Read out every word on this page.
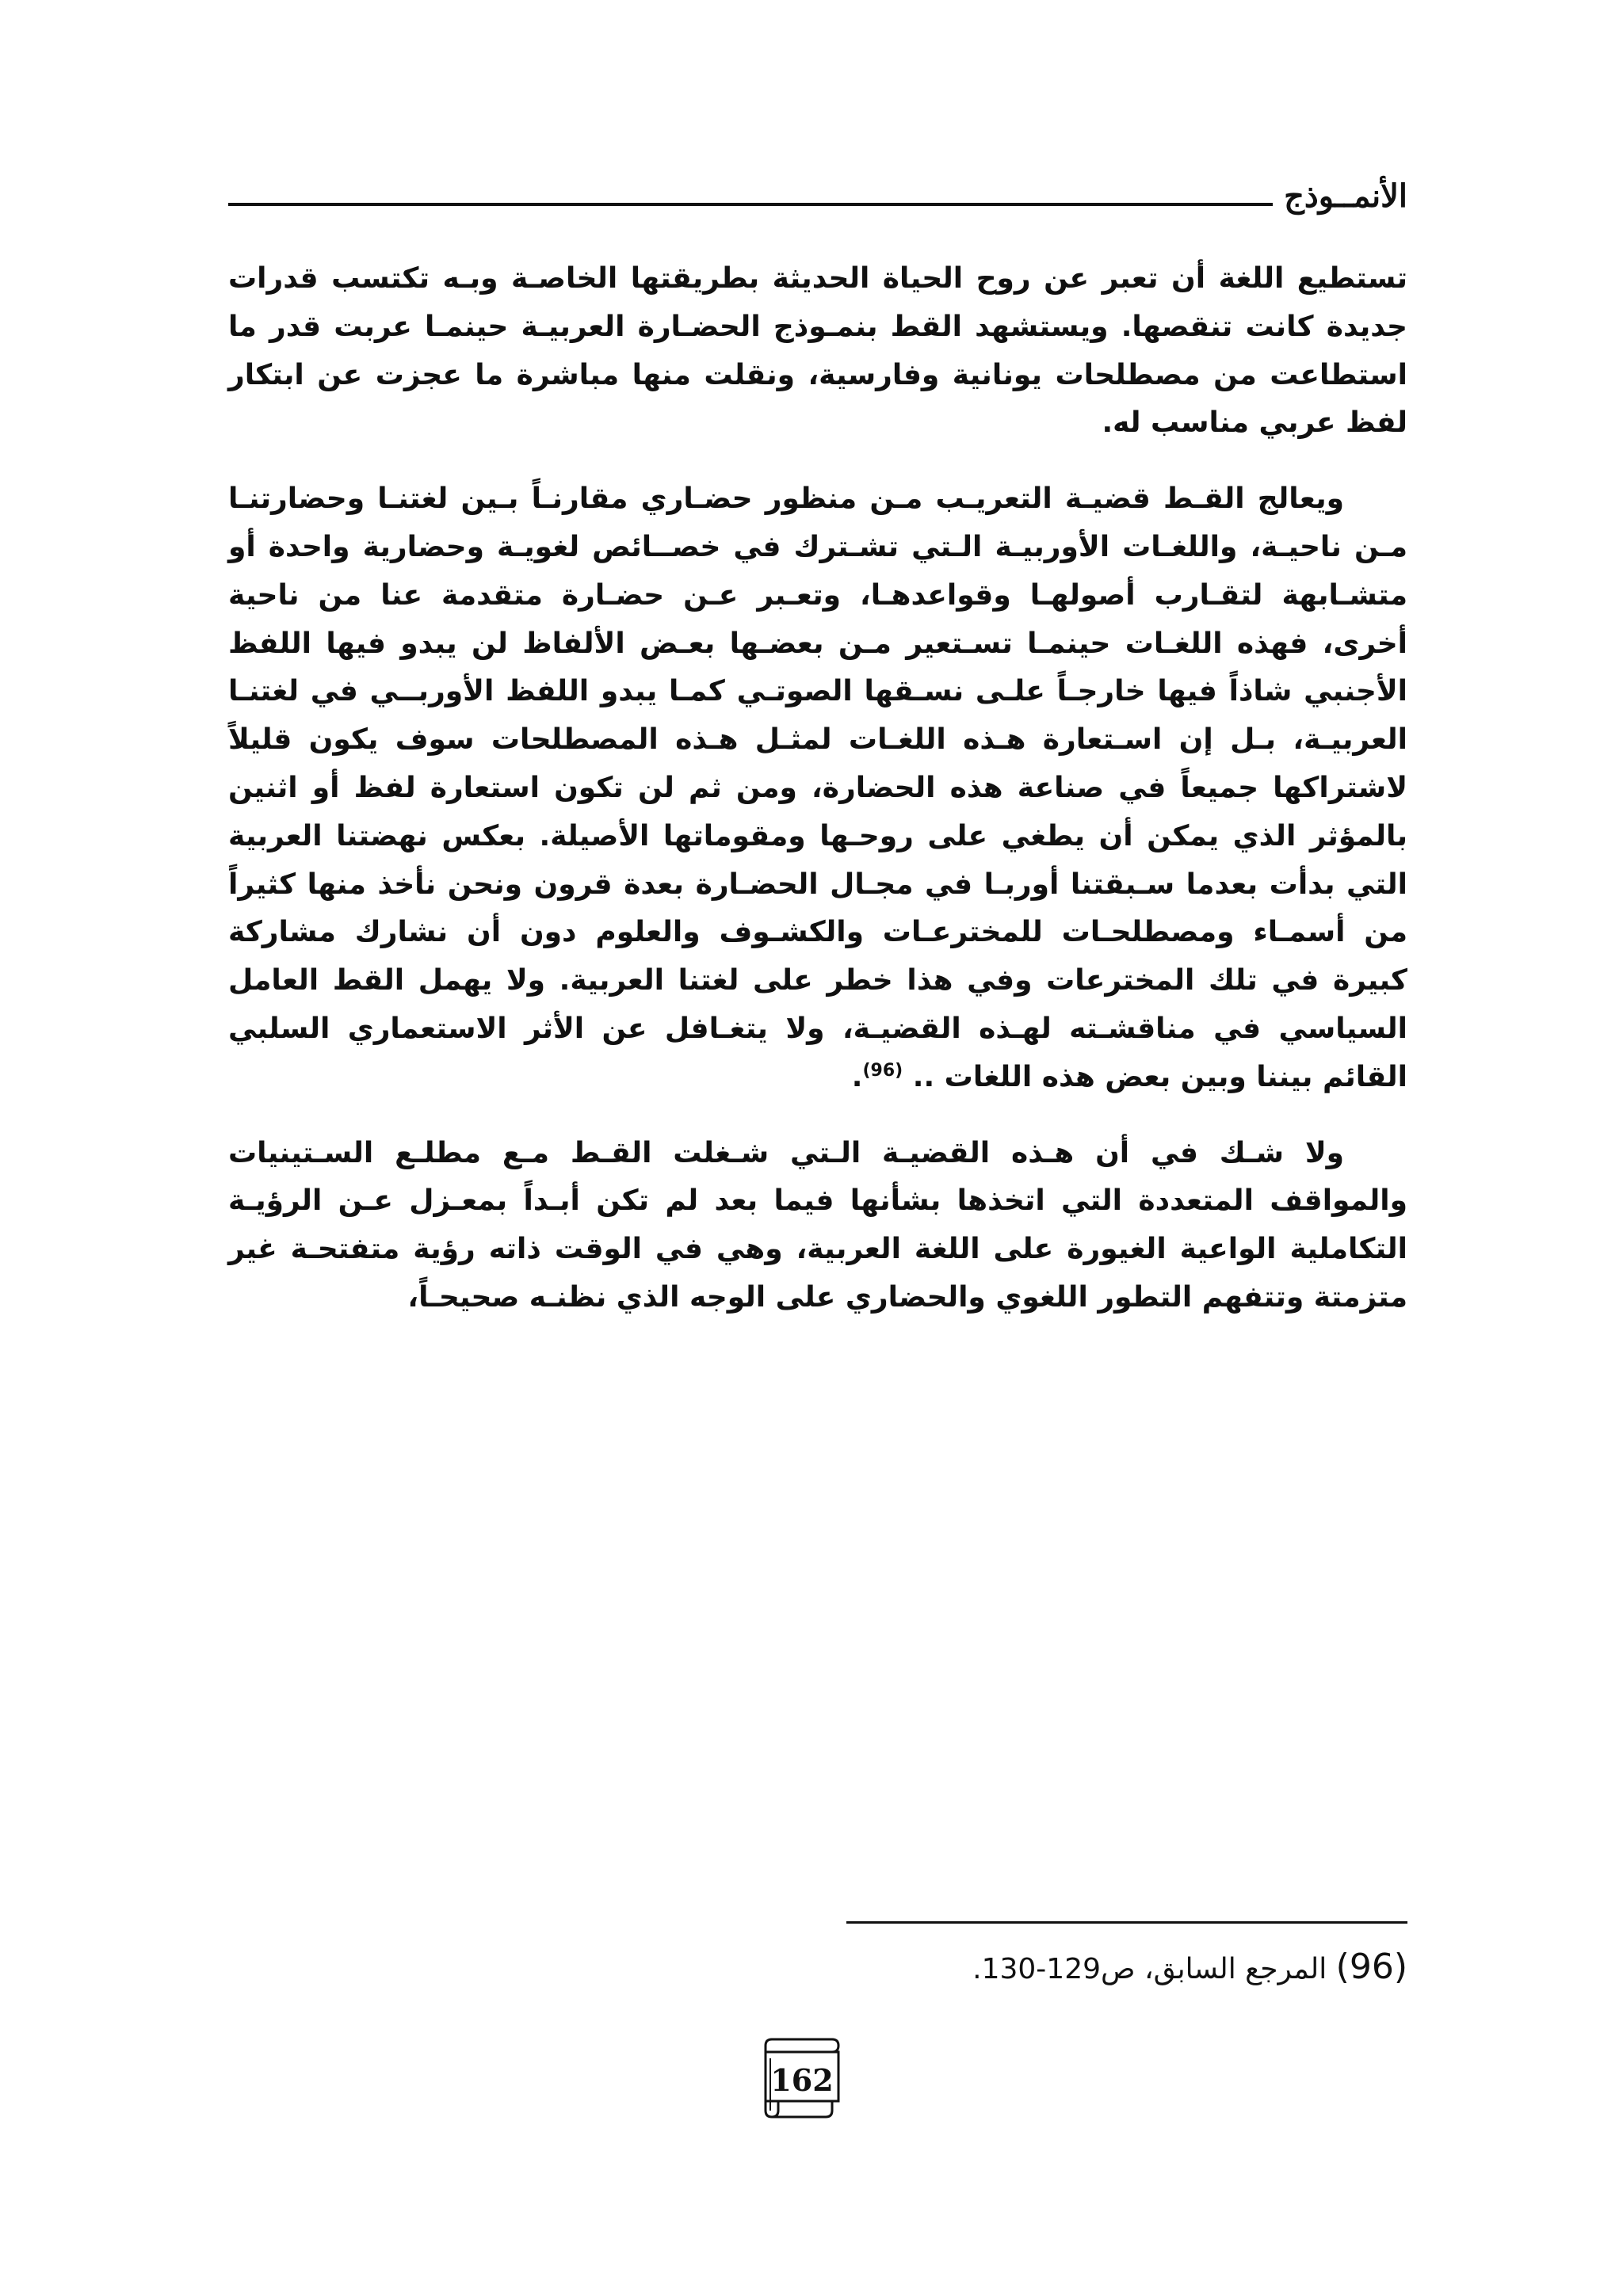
الأنمــوذج

تستطيع اللغة أن تعبر عن روح الحياة الحديثة بطريقتها الخاصـة وبـه تكتسب قدرات جديدة كانت تنقصها. ويستشهد القط بنمـوذج الحضـارة العربيـة حينمـا عربت قدر ما استطاعت من مصطلحات يونانية وفارسية، ونقلت منها مباشرة ما عجزت عن ابتكار لفظ عربي مناسب له.

ويعالج القـط قضيـة التعريـب مـن منظور حضـاري مقارنـاً بـين لغتنـا وحضارتنـا مـن ناحيـة، واللغـات الأوربيـة الـتي تشـترك في خصــائص لغويـة وحضارية واحدة أو متشـابهة لتقـارب أصولهـا وقواعدهـا، وتعـبر عـن حضـارة متقدمة عنا من ناحية أخرى، فهذه اللغـات حينمـا تسـتعير مـن بعضـها بعـض الألفاظ لن يبدو فيها اللفظ الأجنبي شاذاً فيها خارجـاً علـى نسـقها الصوتـي كمـا يبدو اللفظ الأوربــي في لغتنـا العربيـة، بـل إن اسـتعارة هـذه اللغـات لمثـل هـذه المصطلحات سوف يكون قليلاً لاشتراكها جميعاً في صناعة هذه الحضارة، ومن ثم لن تكون استعارة لفظ أو اثنين بالمؤثر الذي يمكن أن يطغي على روحـها ومقوماتها الأصيلة. بعكس نهضتنا العربية التي بدأت بعدما سـبقتنا أوربـا في مجـال الحضـارة بعدة قرون ونحن نأخذ منها كثيراً من أسمـاء ومصطلحـات للمخترعـات والكشـوف والعلوم دون أن نشارك مشاركة كبيرة في تلك المخترعات وفي هذا خطر على لغتنا العربية. ولا يهمل القط العامل السياسي في مناقشـته لهـذه القضيـة، ولا يتغـافل عن الأثر الاستعماري السلبي القائم بيننا وبين بعض هذه اللغات .. $^{(96)}$.

ولا شـك في أن هـذه القضيـة الـتي شـغلت القـط مـع مطلـع السـتينيات والمواقف المتعددة التي اتخذها بشأنها فيما بعد لم تكن أبـداً بمعـزل عـن الرؤيـة التكاملية الواعية الغيورة على اللغة العربية، وهي في الوقت ذاته رؤية متفتحـة غير متزمتة وتتفهم التطور اللغوي والحضاري على الوجه الذي نظنـه صحيحـاً،

(96) المرجع السابق، ص129-130.
162
